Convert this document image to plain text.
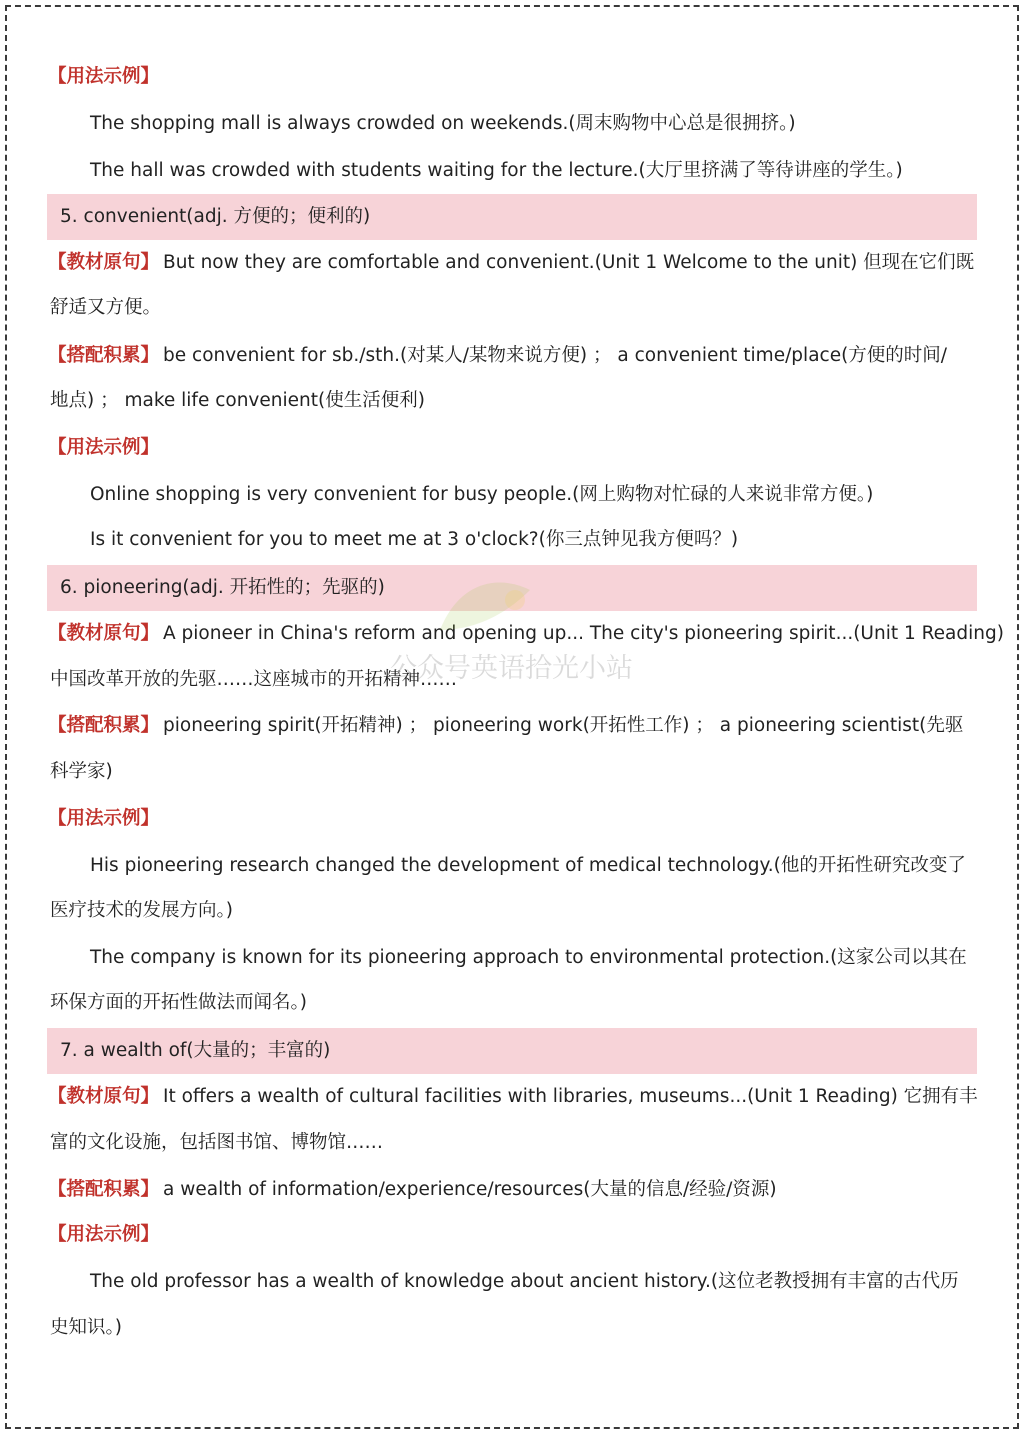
【用法示例】
The shopping mall is always crowded on weekends.(周末购物中心总是很拥挤。)
The hall was crowded with students waiting for the lecture.(大厅里挤满了等待讲座的学生。)
5. convenient(adj. 方便的；便利的)
【教材原句】 But now they are comfortable and convenient.(Unit 1 Welcome to the unit) 但现在它们既
舒适又方便。
【搭配积累】 be convenient for sb./sth.(对某人/某物来说方便) ； a convenient time/place(方便的时间/
地点) ； make life convenient(使生活便利)
【用法示例】
Online shopping is very convenient for busy people.(网上购物对忙碌的人来说非常方便。)
Is it convenient for you to meet me at 3 o'clock?(你三点钟见我方便吗？)
6. pioneering(adj. 开拓性的；先驱的)
【教材原句】 A pioneer in China's reform and opening up... The city's pioneering spirit...(Unit 1 Reading)
中国改革开放的先驱……这座城市的开拓精神……
【搭配积累】 pioneering spirit(开拓精神) ； pioneering work(开拓性工作) ； a pioneering scientist(先驱
科学家)
【用法示例】
His pioneering research changed the development of medical technology.(他的开拓性研究改变了
医疗技术的发展方向。)
The company is known for its pioneering approach to environmental protection.(这家公司以其在
环保方面的开拓性做法而闻名。)
7. a wealth of(大量的；丰富的)
【教材原句】 It offers a wealth of cultural facilities with libraries, museums...(Unit 1 Reading) 它拥有丰
富的文化设施，包括图书馆、博物馆……
【搭配积累】 a wealth of information/experience/resources(大量的信息/经验/资源)
【用法示例】
The old professor has a wealth of knowledge about ancient history.(这位老教授拥有丰富的古代历
史知识。)
公众号英语拾光小站
